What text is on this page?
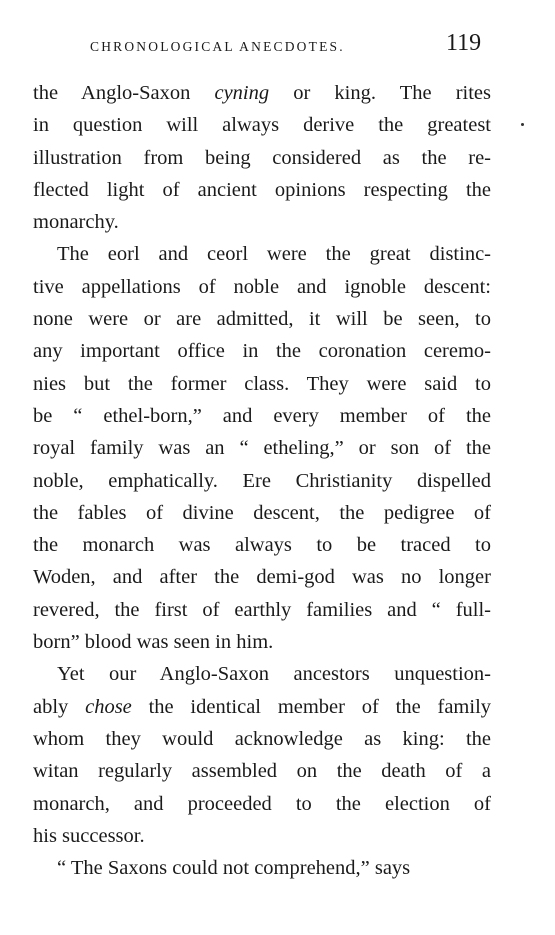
CHRONOLOGICAL ANECDOTES.	119
the Anglo-Saxon cyning or king. The rites
in question will always derive the greatest
illustration from being considered as the re-
flected light of ancient opinions respecting the
monarchy.
The eorl and ceorl were the great distinc-
tive appellations of noble and ignoble descent:
none were or are admitted, it will be seen, to
any important office in the coronation ceremo-
nies but the former class. They were said to
be “ ethel-born,” and every member of the
royal family was an “ etheling,” or son of the
noble, emphatically. Ere Christianity dispelled
the fables of divine descent, the pedigree of
the monarch was always to be traced to
Woden, and after the demi-god was no longer
revered, the first of earthly families and “ full-
born” blood was seen in him.
Yet our Anglo-Saxon ancestors unquestion-
ably chose the identical member of the family
whom they would acknowledge as king: the
witan regularly assembled on the death of a
monarch, and proceeded to the election of
his successor.
“ The Saxons could not comprehend,” says
